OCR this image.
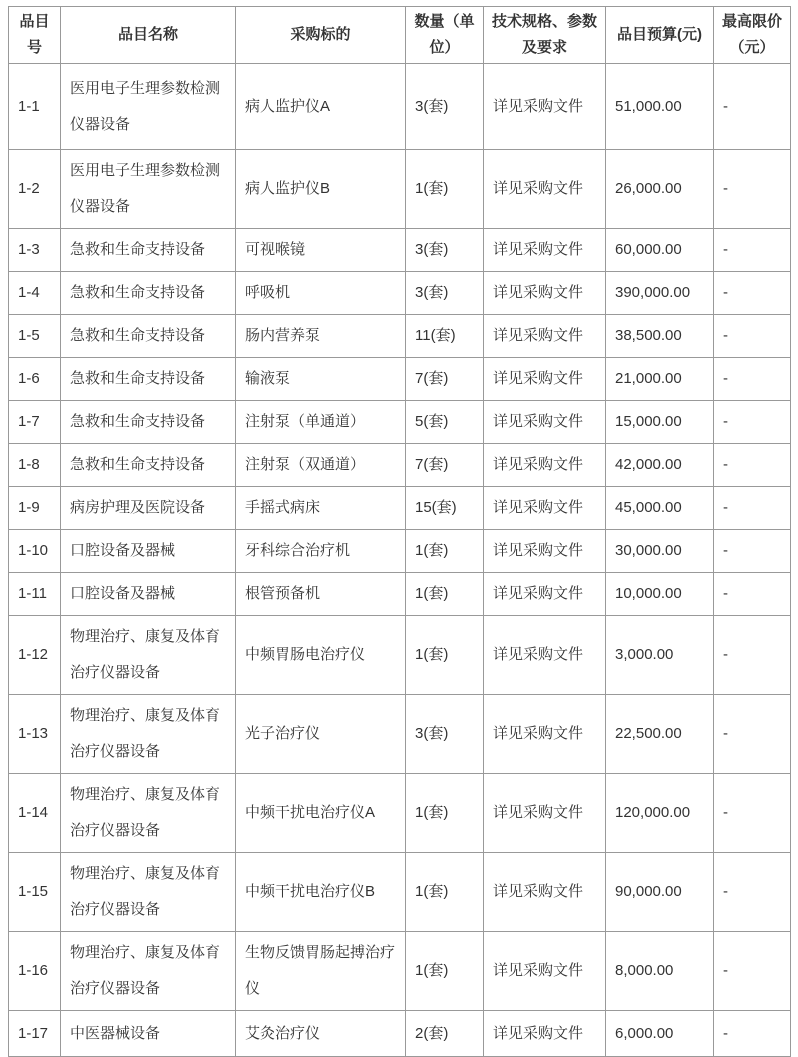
品目号	品目名称	采购标的	数量（单位）	技术规格、参数及要求	品目预算(元)	最高限价（元）
1-1	医用电子生理参数检测仪器设备	病人监护仪A	3(套)	详见采购文件	51,000.00	-
1-2	医用电子生理参数检测仪器设备	病人监护仪B	1(套)	详见采购文件	26,000.00	-
1-3	急救和生命支持设备	可视喉镜	3(套)	详见采购文件	60,000.00	-
1-4	急救和生命支持设备	呼吸机	3(套)	详见采购文件	390,000.00	-
1-5	急救和生命支持设备	肠内营养泵	11(套)	详见采购文件	38,500.00	-
1-6	急救和生命支持设备	输液泵	7(套)	详见采购文件	21,000.00	-
1-7	急救和生命支持设备	注射泵（单通道）	5(套)	详见采购文件	15,000.00	-
1-8	急救和生命支持设备	注射泵（双通道）	7(套)	详见采购文件	42,000.00	-
1-9	病房护理及医院设备	手摇式病床	15(套)	详见采购文件	45,000.00	-
1-10	口腔设备及器械	牙科综合治疗机	1(套)	详见采购文件	30,000.00	-
1-11	口腔设备及器械	根管预备机	1(套)	详见采购文件	10,000.00	-
1-12	物理治疗、康复及体育治疗仪器设备	中频胃肠电治疗仪	1(套)	详见采购文件	3,000.00	-
1-13	物理治疗、康复及体育治疗仪器设备	光子治疗仪	3(套)	详见采购文件	22,500.00	-
1-14	物理治疗、康复及体育治疗仪器设备	中频干扰电治疗仪A	1(套)	详见采购文件	120,000.00	-
1-15	物理治疗、康复及体育治疗仪器设备	中频干扰电治疗仪B	1(套)	详见采购文件	90,000.00	-
1-16	物理治疗、康复及体育治疗仪器设备	生物反馈胃肠起搏治疗仪	1(套)	详见采购文件	8,000.00	-
1-17	中医器械设备	艾灸治疗仪	2(套)	详见采购文件	6,000.00	-
